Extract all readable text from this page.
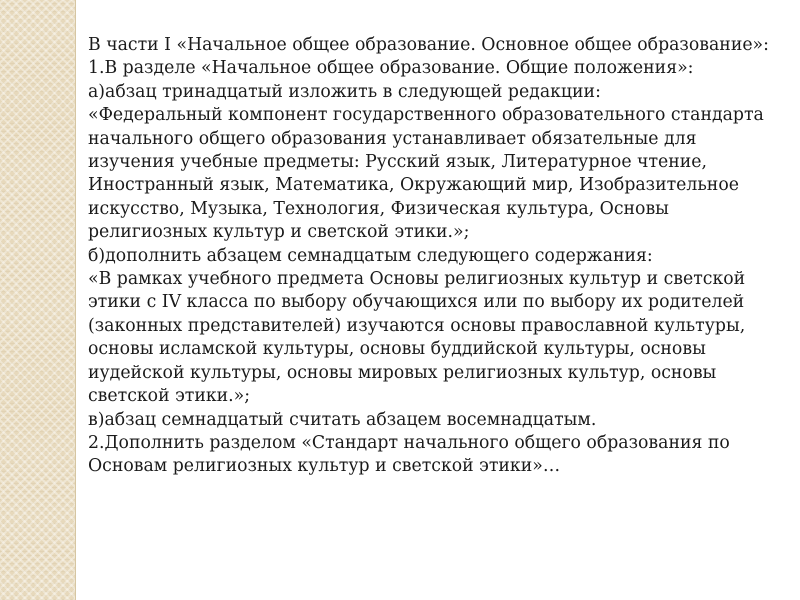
В части I «Начальное общее образование. Основное общее образование»:

1.В разделе «Начальное общее образование. Общие положения»:

а)абзац тринадцатый изложить в следующей редакции:

«Федеральный компонент государственного образовательного стандарта начального общего образования устанавливает обязательные для изучения учебные предметы: Русский язык, Литературное чтение, Иностранный язык, Математика, Окружающий мир, Изобразительное искусство, Музыка, Технология, Физическая культура, Основы религиозных культур и светской этики.»;

б)дополнить абзацем семнадцатым следующего содержания:

«В рамках учебного предмета Основы религиозных культур и светской этики с IV класса по выбору обучающихся или по выбору их родителей (законных представителей) изучаются основы православной культуры, основы исламской культуры, основы буддийской культуры, основы иудейской культуры, основы мировых религиозных культур, основы светской этики.»;

в)абзац семнадцатый считать абзацем восемнадцатым.

2.Дополнить разделом «Стандарт начального общего образования по Основам религиозных культур и светской этики»…
